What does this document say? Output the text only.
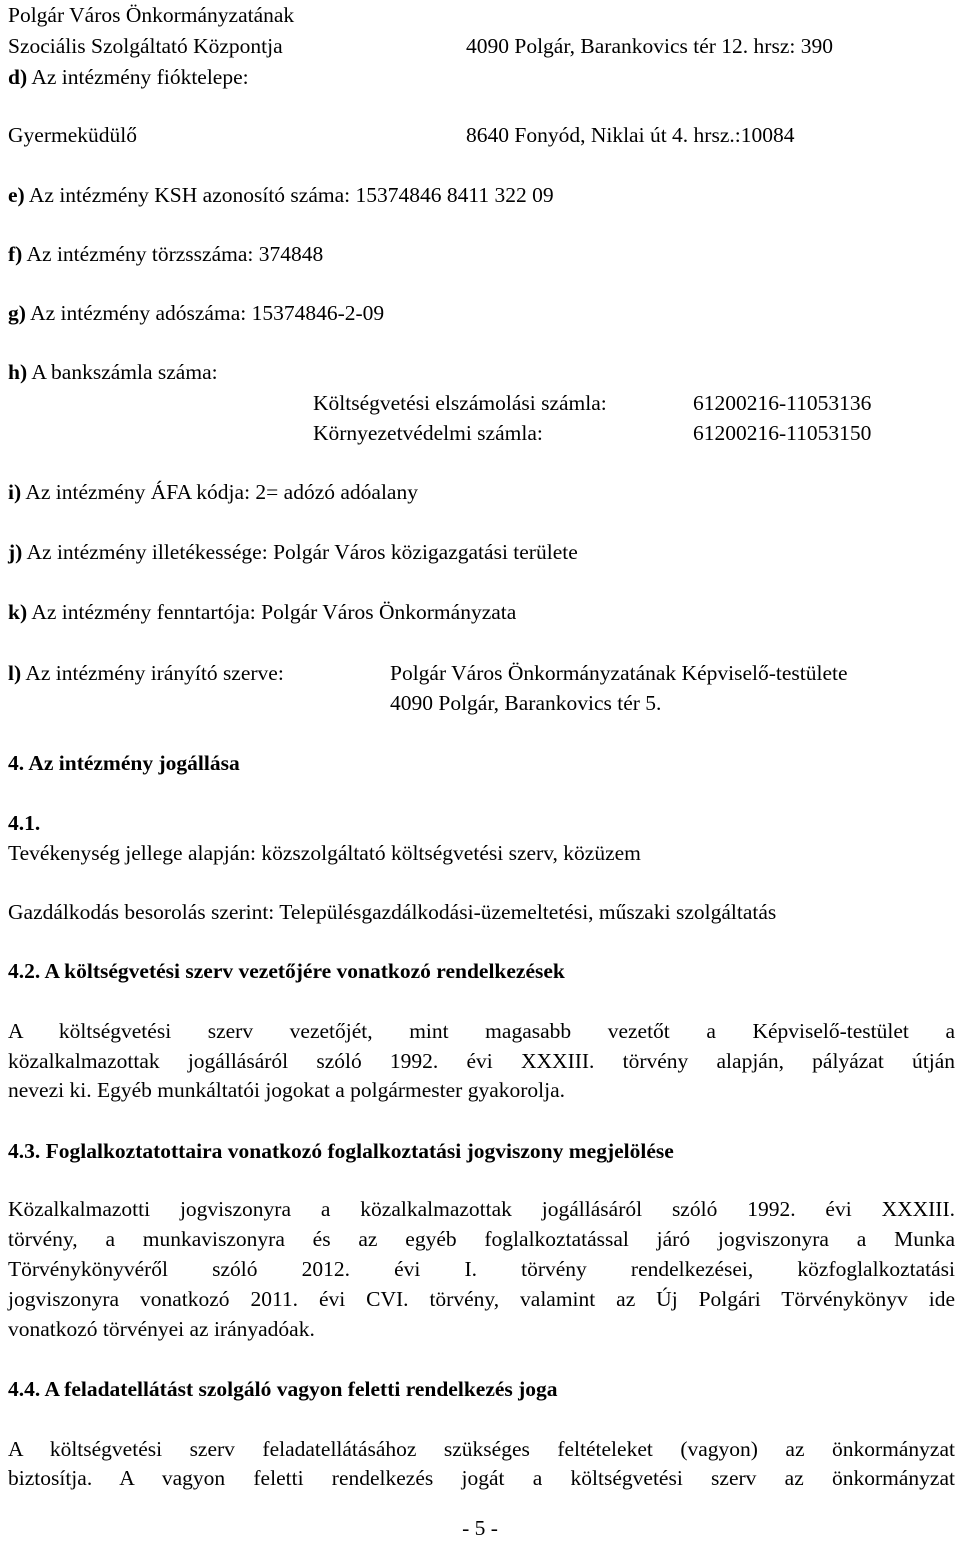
Polgár Város Önkormányzatának
Szociális Szolgáltató Központja	4090 Polgár, Barankovics tér 12. hrsz: 390
d) Az intézmény fióktelepe:
Gyermeküdülő	8640 Fonyód, Niklai út 4. hrsz.:10084
e) Az intézmény KSH azonosító száma: 15374846 8411 322 09
f) Az intézmény törzsszáma: 374848
g) Az intézmény adószáma: 15374846-2-09
h) A bankszámla száma:
Költségvetési elszámolási számla:	61200216-11053136
Környezetvédelmi számla:	61200216-11053150
i) Az intézmény ÁFA kódja: 2= adózó adóalany
j) Az intézmény illetékessége: Polgár Város közigazgatási területe
k) Az intézmény fenntartója: Polgár Város Önkormányzata
l) Az intézmény irányító szerve:	Polgár Város Önkormányzatának Képviselő-testülete
4090 Polgár, Barankovics tér 5.
4. Az intézmény jogállása
4.1.
Tevékenység jellege alapján: közszolgáltató költségvetési szerv, közüzem
Gazdálkodás besorolás szerint: Településgazdálkodási-üzemeltetési, műszaki szolgáltatás
4.2. A költségvetési szerv vezetőjére vonatkozó rendelkezések
A költségvetési szerv vezetőjét, mint magasabb vezetőt a Képviselő-testület a
közalkalmazottak jogállásáról szóló 1992. évi XXXIII. törvény alapján, pályázat útján
nevezi ki. Egyéb munkáltatói jogokat a polgármester gyakorolja.
4.3. Foglalkoztatottaira vonatkozó foglalkoztatási jogviszony megjelölése
Közalkalmazotti jogviszonyra a közalkalmazottak jogállásáról szóló 1992. évi XXXIII.
törvény, a munkaviszonyra és az egyéb foglalkoztatással járó jogviszonyra a Munka
Törvénykönyvéről szóló 2012. évi I. törvény rendelkezései, közfoglalkoztatási
jogviszonyra vonatkozó 2011. évi CVI. törvény, valamint az Új Polgári Törvénykönyv ide
vonatkozó törvényei az irányadóak.
4.4. A feladatellátást szolgáló vagyon feletti rendelkezés joga
A költségvetési szerv feladatellátásához szükséges feltételeket (vagyon) az önkormányzat
biztosítja. A vagyon feletti rendelkezés jogát a költségvetési szerv az önkormányzat
- 5 -
